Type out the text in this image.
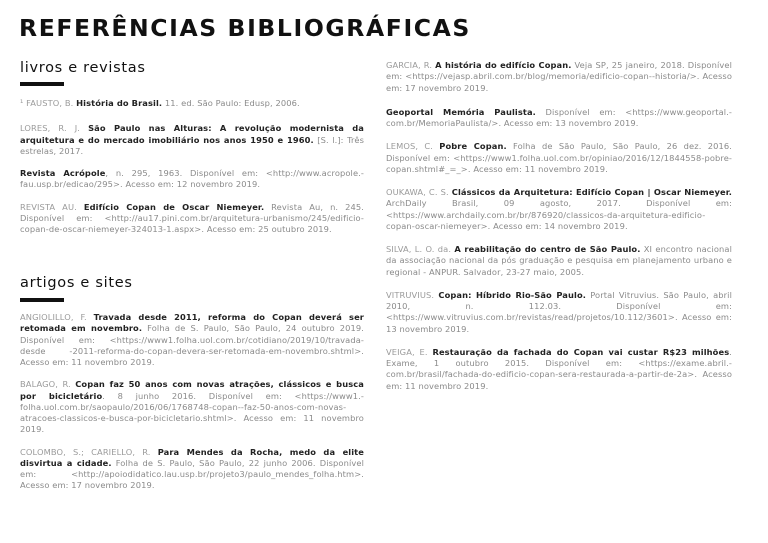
REFERÊNCIAS BIBLIOGRÁFICAS
livros e revistas
artigos e sites

¹ FAUSTO, B. História do Brasil. 11. ed. São Paulo: Edusp, 2006.

LORES, R. J. São Paulo nas Alturas: A revolução modernista da arquitetura e do mercado imobiliário nos anos 1950 e 1960. [S. l.]: Três estrelas, 2017.

Revista Acrópole, n. 295, 1963. Disponível em: <http://www.acropole.-fau.usp.br/edicao/295>. Acesso em: 12 novembro 2019.

REVISTA AU. Edifício Copan de Oscar Niemeyer. Revista Au, n. 245. Disponível em: <http://au17.pini.com.br/arquitetura-urbanismo/245/edificio-copan-de-oscar-niemeyer-324013-1.aspx>. Acesso em: 25 outubro 2019.

ANGIOLILLO, F. Travada desde 2011, reforma do Copan deverá ser retomada em novembro. Folha de S. Paulo, São Paulo, 24 outubro 2019. Disponível em: <https://www1.folha.uol.com.br/cotidiano/2019/10/travada-desde -2011-reforma-do-copan-devera-ser-retomada-em-novembro.shtml>. Acesso em: 11 novembro 2019.

BALAGO, R. Copan faz 50 anos com novas atrações, clássicos e busca por bicicletário. 8 junho 2016. Disponível em: <https://www1.-folha.uol.com.br/saopaulo/2016/06/1768748-copan--faz-50-anos-com-novas-atracoes-classicos-e-busca-por-bicicletario.shtml>. Acesso em: 11 novembro 2019.

COLOMBO, S.; CARIELLO, R. Para Mendes da Rocha, medo da elite disvirtua a cidade. Folha de S. Paulo, São Paulo, 22 junho 2006. Disponível em: <http://apoiodidatico.lau.usp.br/projeto3/paulo_mendes_folha.htm>. Acesso em: 17 novembro 2019.

GARCIA, R. A história do edifício Copan. Veja SP, 25 janeiro, 2018. Disponível em: <https://vejasp.abril.com.br/blog/memoria/edificio-copan--historia/>. Acesso em: 17 novembro 2019.

Geoportal Memória Paulista. Disponível em: <https://www.geoportal.-com.br/MemoriaPaulista/>. Acesso em: 13 novembro 2019.

LEMOS, C. Pobre Copan. Folha de São Paulo, São Paulo, 26 dez. 2016. Disponível em: <https://www1.folha.uol.com.br/opiniao/2016/12/1844558-pobre-copan.shtml#_=_>. Acesso em: 11 novembro 2019.

OUKAWA, C. S. Clássicos da Arquitetura: Edifício Copan | Oscar Niemeyer. ArchDaily Brasil, 09 agosto, 2017. Disponível em: <https://www.archdaily.com.br/br/876920/classicos-da-arquitetura-edificio-copan-oscar-niemeyer>. Acesso em: 14 novembro 2019.

SILVA, L. O. da. A reabilitação do centro de São Paulo. XI encontro nacional da associação nacional da pós graduação e pesquisa em planejamento urbano e regional - ANPUR. Salvador, 23-27 maio, 2005.

VITRUVIUS. Copan: Híbrido Rio-São Paulo. Portal Vitruvius. São Paulo, abril 2010, n. 112.03. Disponível em: <https://www.vitruvius.com.br/revistas/read/projetos/10.112/3601>. Acesso em: 13 novembro 2019.

VEIGA, E. Restauração da fachada do Copan vai custar R$23 milhões. Exame, 1 outubro 2015. Disponível em: <https://exame.abril.-com.br/brasil/fachada-do-edificio-copan-sera-restaurada-a-partir-de-2a>. Acesso em: 11 novembro 2019.
